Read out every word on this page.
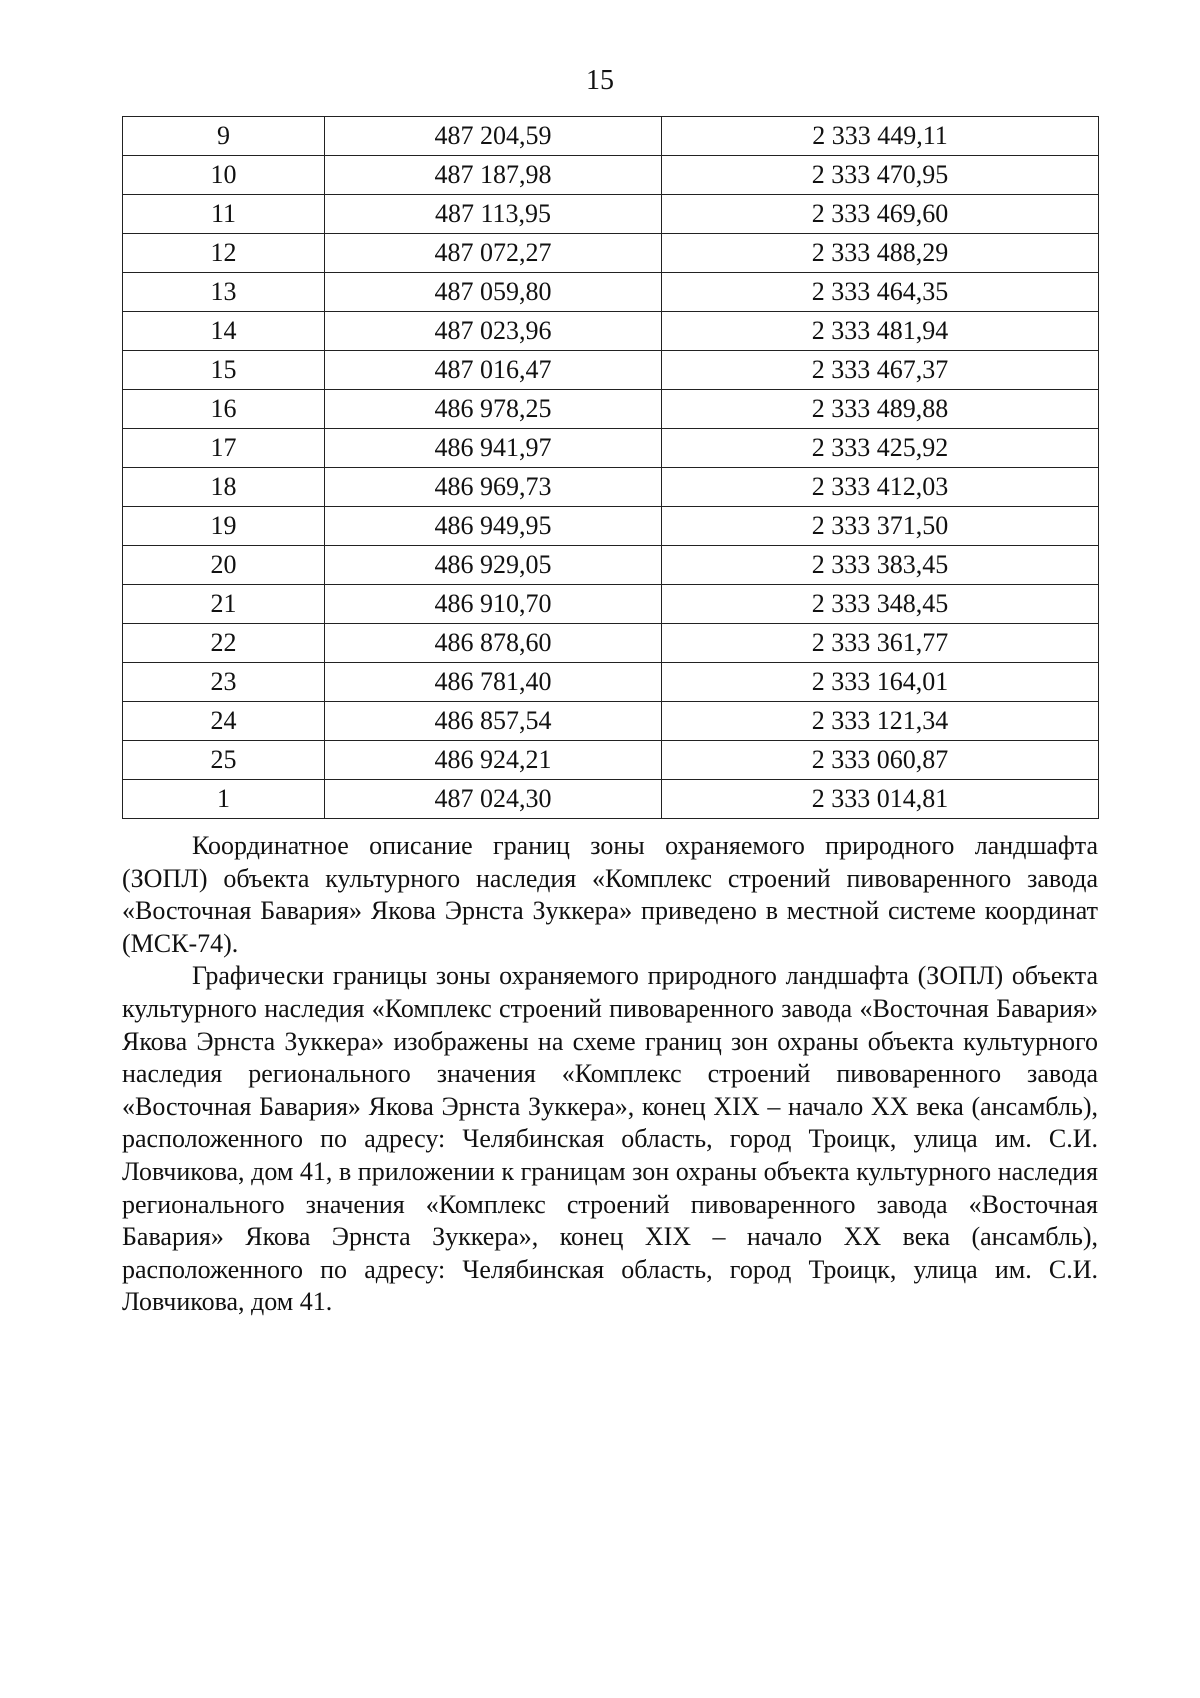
15
9	487 204,59	2 333 449,11
10	487 187,98	2 333 470,95
11	487 113,95	2 333 469,60
12	487 072,27	2 333 488,29
13	487 059,80	2 333 464,35
14	487 023,96	2 333 481,94
15	487 016,47	2 333 467,37
16	486 978,25	2 333 489,88
17	486 941,97	2 333 425,92
18	486 969,73	2 333 412,03
19	486 949,95	2 333 371,50
20	486 929,05	2 333 383,45
21	486 910,70	2 333 348,45
22	486 878,60	2 333 361,77
23	486 781,40	2 333 164,01
24	486 857,54	2 333 121,34
25	486 924,21	2 333 060,87
1	487 024,30	2 333 014,81

Координатное описание границ зоны охраняемого природного ландшафта (ЗОПЛ) объекта культурного наследия «Комплекс строений пивоваренного завода «Восточная Бавария» Якова Эрнста Зуккера» приведено в местной системе координат (МСК-74).

Графически границы зоны охраняемого природного ландшафта (ЗОПЛ) объекта культурного наследия «Комплекс строений пивоваренного завода «Восточная Бавария» Якова Эрнста Зуккера» изображены на схеме границ зон охраны объекта культурного наследия регионального значения «Комплекс строений пивоваренного завода «Восточная Бавария» Якова Эрнста Зуккера», конец XIX – начало XX века (ансамбль), расположенного по адресу: Челябинская область, город Троицк, улица им. С.И. Ловчикова, дом 41, в приложении к границам зон охраны объекта культурного наследия регионального значения «Комплекс строений пивоваренного завода «Восточная Бавария» Якова Эрнста Зуккера», конец XIX – начало XX века (ансамбль), расположенного по адресу: Челябинская область, город Троицк, улица им. С.И. Ловчикова, дом 41.
